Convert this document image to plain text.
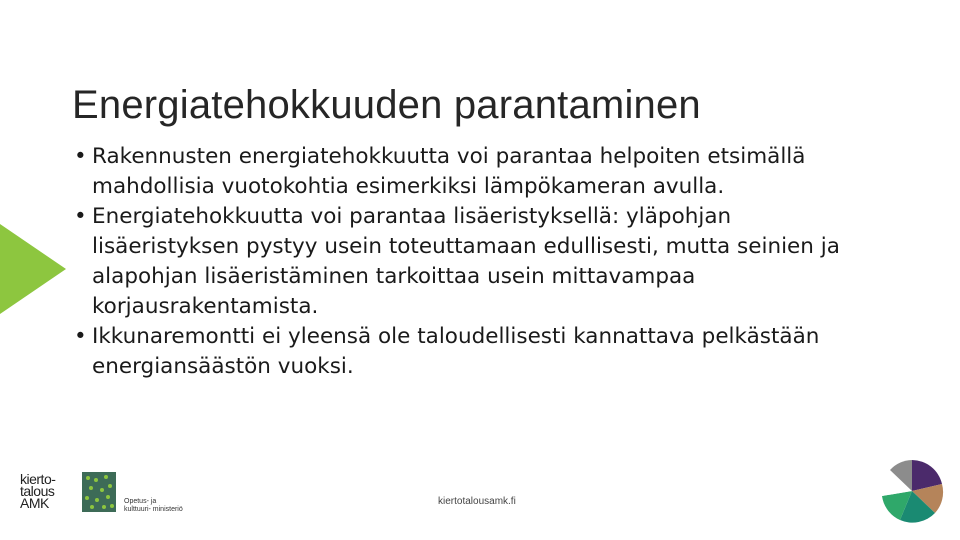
Energiatehokkuuden parantaminen
• Rakennusten energiatehokkuutta voi parantaa helpoiten etsimällä mahdollisia vuotokohtia esimerkiksi lämpökameran avulla.
• Energiatehokkuutta voi parantaa lisäeristyksellä: yläpohjan lisäeristyksen pystyy usein toteuttamaan edullisesti, mutta seinien ja alapohjan lisäeristäminen tarkoittaa usein mittavampaa korjausrakentamista.
• Ikkunaremontti ei yleensä ole taloudellisesti kannattava pelkästään energiansäästön vuoksi.
kierto-
talous
AMK	Opetus- ja kulttuuri- ministeriö
kiertotalousamk.fi
